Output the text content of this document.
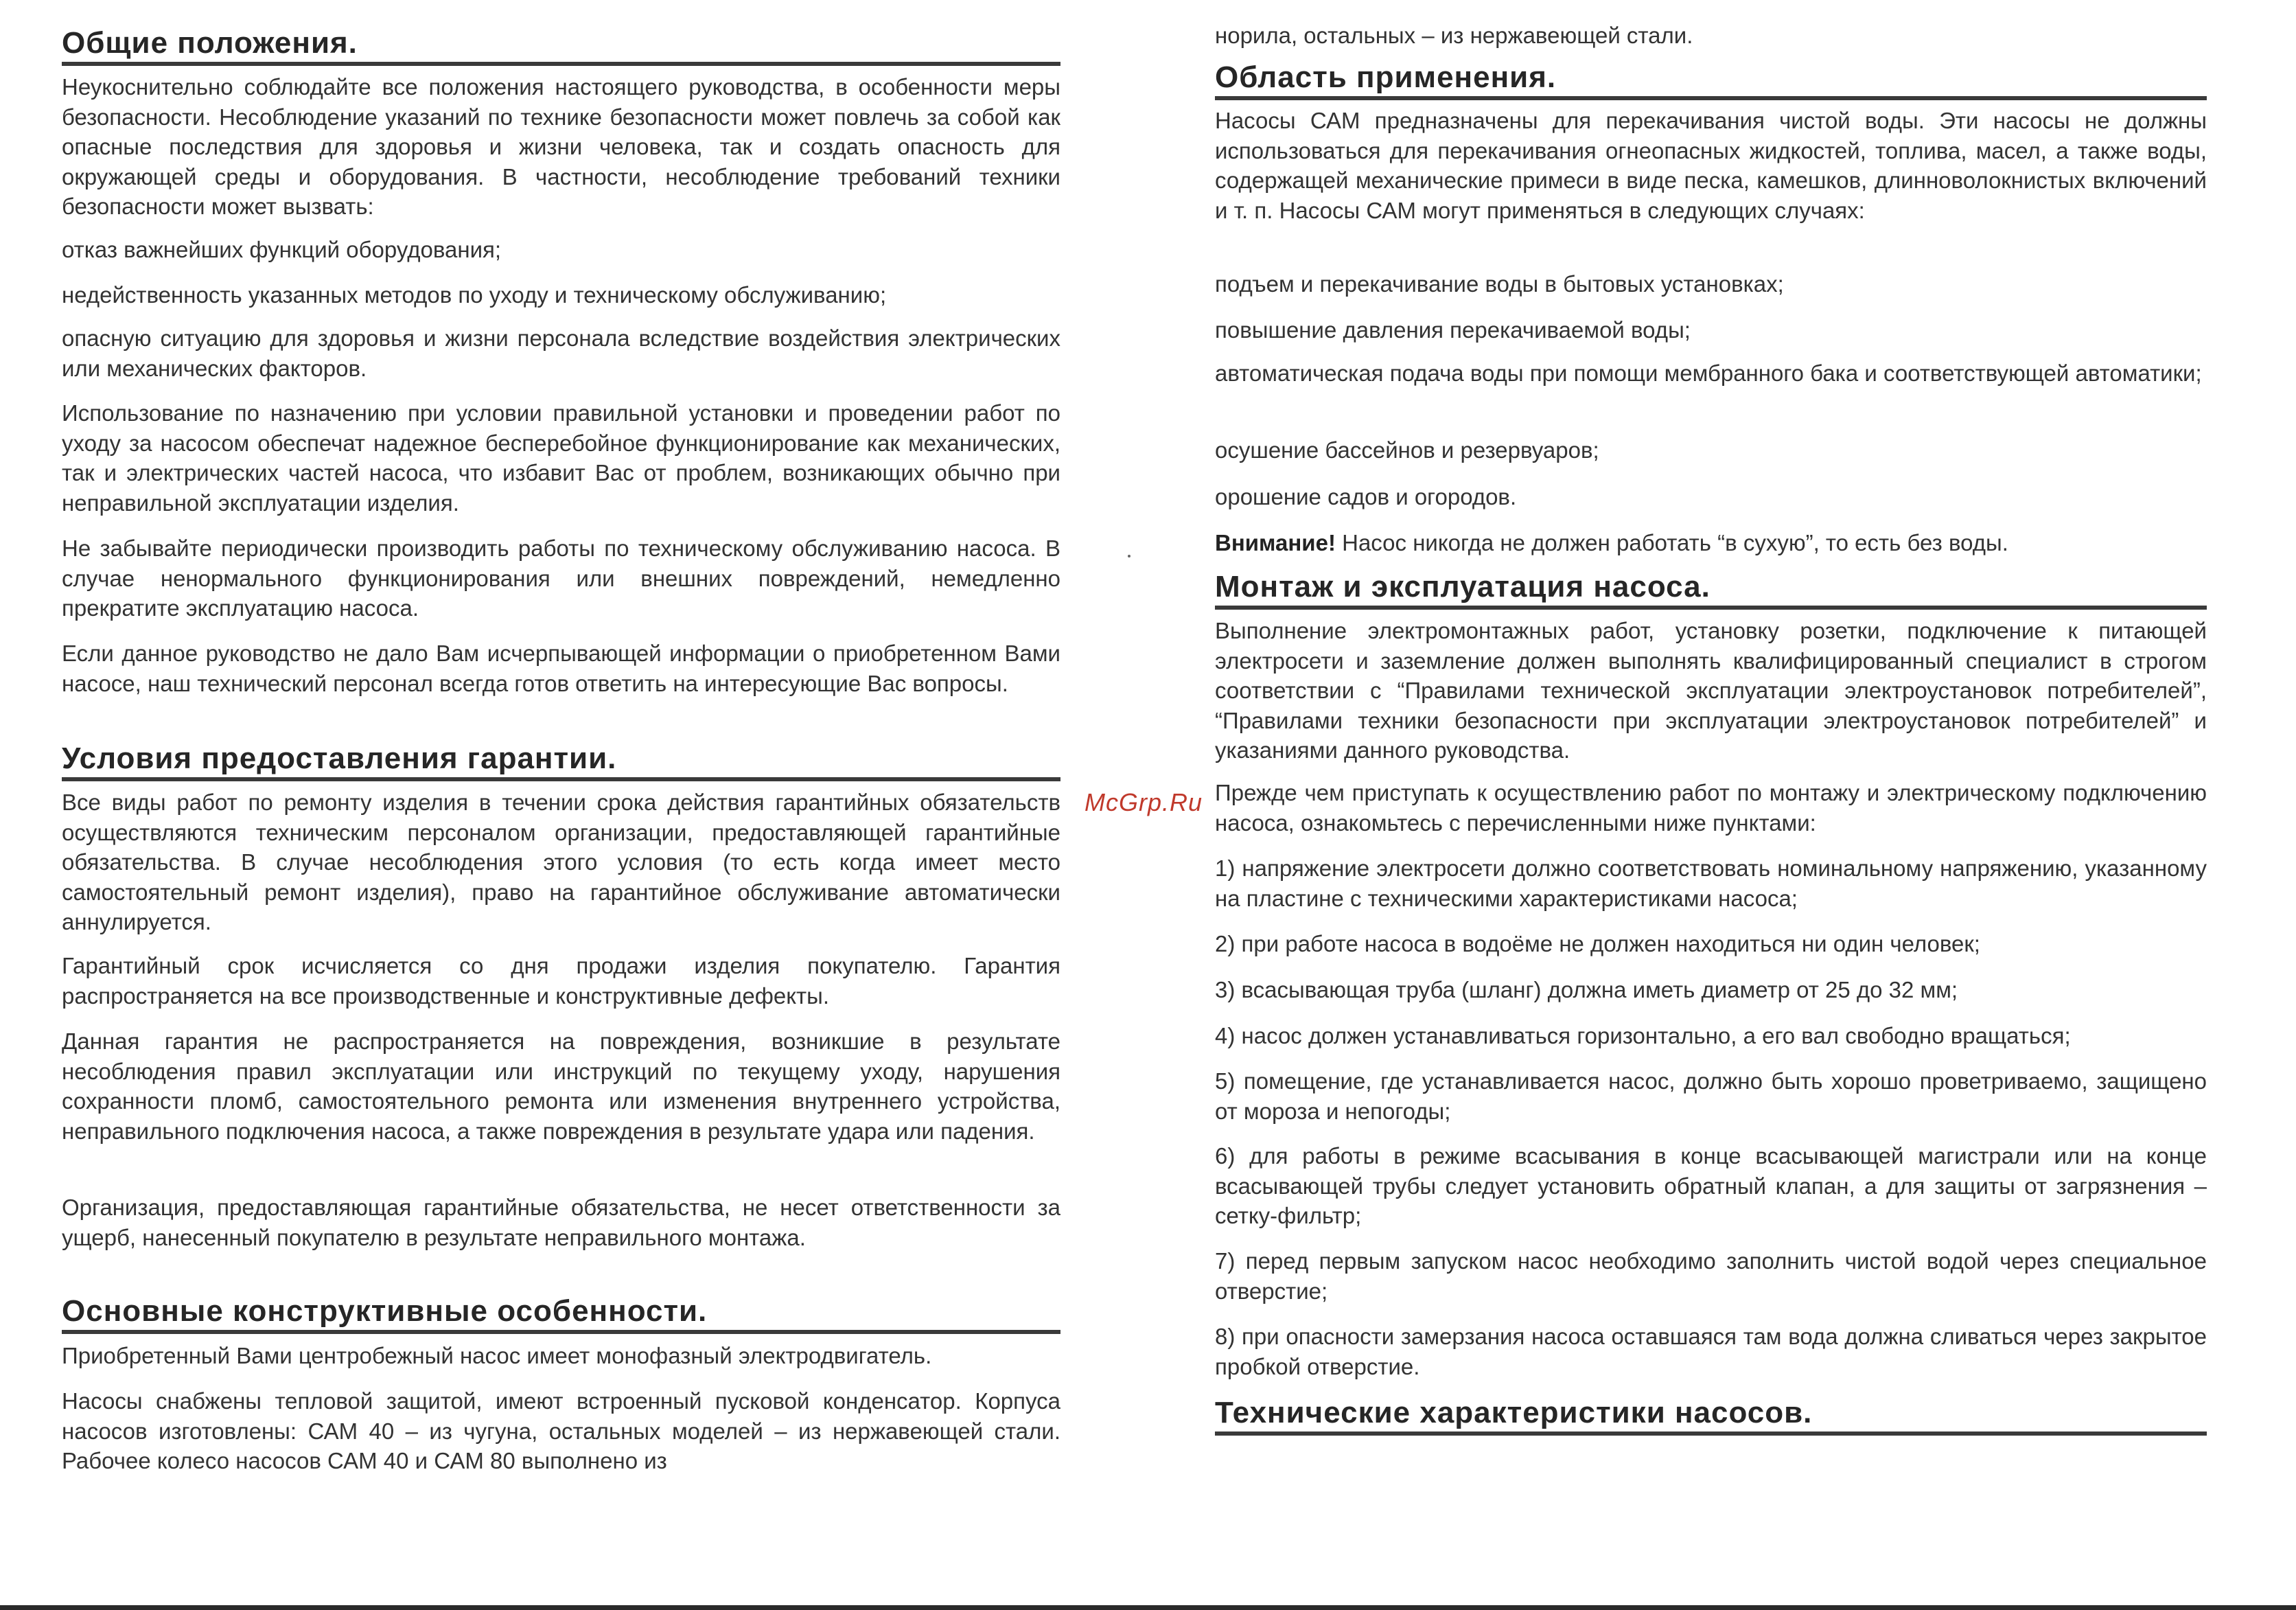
Общие положения.

Неукоснительно соблюдайте все положения настоящего руководства, в особенности меры безопасности. Несоблюдение указаний по технике безопасности может повлечь за собой как опасные последствия для здоровья и жизни человека, так и создать опасность для окружающей среды и оборудования. В частности, несоблюдение требований техники безопасности может вызвать:

отказ важнейших функций оборудования;

недейственность указанных методов по уходу и техническому обслуживанию;

опасную ситуацию для здоровья и жизни персонала вследствие воздействия электрических или механических факторов.

Использование по назначению при условии правильной установки и проведении работ по уходу за насосом обеспечат надежное бесперебойное функционирование как механических, так и электрических частей насоса, что избавит Вас от проблем, возникающих обычно при неправильной эксплуатации изделия.

Не забывайте периодически производить работы по техническому обслуживанию насоса. В случае ненормального функционирования или внешних повреждений, немедленно прекратите эксплуатацию насоса.

Если данное руководство не дало Вам исчерпывающей информации о приобретенном Вами насосе, наш технический персонал всегда готов ответить на интересующие Вас вопросы.

Условия предоставления гарантии.

Все виды работ по ремонту изделия в течении срока действия гарантийных обязательств осуществляются техническим персоналом организации, предоставляющей гарантийные обязательства. В случае несоблюдения этого условия (то есть когда имеет место самостоятельный ремонт изделия), право на гарантийное обслуживание автоматически аннулируется.

Гарантийный срок исчисляется со дня продажи изделия покупателю. Гарантия распространяется на все производственные и конструктивные дефекты.

Данная гарантия не распространяется на повреждения, возникшие в результате несоблюдения правил эксплуатации или инструкций по текущему уходу, нарушения сохранности пломб, самостоятельного ремонта или изменения внутреннего устройства, неправильного подключения насоса, а также повреждения в результате удара или падения.

Организация, предоставляющая гарантийные обязательства, не несет ответственности за ущерб, нанесенный покупателю в результате неправильного монтажа.

Основные конструктивные особенности.

Приобретенный Вами центробежный насос имеет монофазный электродвигатель.

Насосы снабжены тепловой защитой, имеют встроенный пусковой конденсатор. Корпуса насосов изготовлены: САМ 40 – из чугуна, остальных моделей – из нержавеющей стали. Рабочее колесо насосов САМ 40 и САМ 80 выполнено из

норила, остальных – из нержавеющей стали.

Область применения.

Насосы САМ предназначены для перекачивания чистой воды. Эти насосы не должны использоваться для перекачивания огнеопасных жидкостей, топлива, масел, а также воды, содержащей механические примеси в виде песка, камешков, длинноволокнистых включений и т. п. Насосы САМ могут применяться в следующих случаях:

подъем и перекачивание воды в бытовых установках;

повышение давления перекачиваемой воды;

автоматическая подача воды при помощи мембранного бака и соответствующей автоматики;

осушение бассейнов и резервуаров;

орошение садов и огородов.

Внимание! Насос никогда не должен работать “в сухую”, то есть без воды.

Монтаж и эксплуатация насоса.

Выполнение электромонтажных работ, установку розетки, подключение к питающей электросети и заземление должен выполнять квалифицированный специалист в строгом соответствии с “Правилами технической эксплуатации электроустановок потребителей”, “Правилами техники безопасности при эксплуатации электроустановок потребителей” и указаниями данного руководства.

Прежде чем приступать к осуществлению работ по монтажу и электрическому подключению насоса, ознакомьтесь с перечисленными ниже пунктами:

1) напряжение электросети должно соответствовать номинальному напряжению, указанному на пластине с техническими характеристиками насоса;

2) при работе насоса в водоёме не должен находиться ни один человек;

3) всасывающая труба (шланг) должна иметь диаметр от 25 до 32 мм;

4) насос должен устанавливаться горизонтально, а его вал свободно вращаться;

5) помещение, где устанавливается насос, должно быть хорошо проветриваемо, защищено от мороза и непогоды;

6) для работы в режиме всасывания в конце всасывающей магистрали или на конце всасывающей трубы следует установить обратный клапан, а для защиты от загрязнения – сетку-фильтр;

7) перед первым запуском насос необходимо заполнить чистой водой через специальное отверстие;

8) при опасности замерзания насоса оставшаяся там вода должна сливаться через закрытое пробкой отверстие.

Технические характеристики насосов.
McGrp.Ru
